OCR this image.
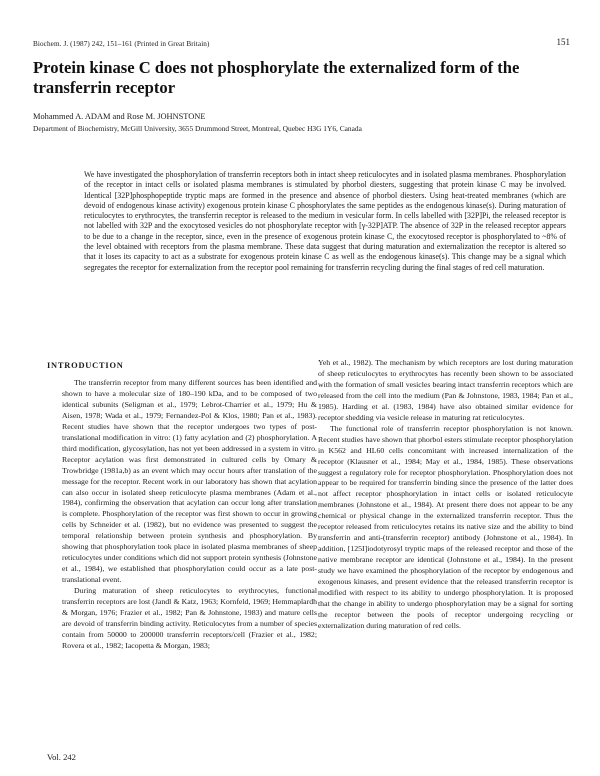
Biochem. J. (1987) 242, 151–161 (Printed in Great Britain)	151
Protein kinase C does not phosphorylate the externalized form of the transferrin receptor
Mohammed A. ADAM and Rose M. JOHNSTONE
Department of Biochemistry, McGill University, 3655 Drummond Street, Montreal, Quebec H3G 1Y6, Canada
We have investigated the phosphorylation of transferrin receptors both in intact sheep reticulocytes and in isolated plasma membranes. Phosphorylation of the receptor in intact cells or isolated plasma membranes is stimulated by phorbol diesters, suggesting that protein kinase C may be involved. Identical [32P]phosphopeptide tryptic maps are formed in the presence and absence of phorbol diesters. Using heat-treated membranes (which are devoid of endogenous kinase activity) exogenous protein kinase C phosphorylates the same peptides as the endogenous kinase(s). During maturation of reticulocytes to erythrocytes, the transferrin receptor is released to the medium in vesicular form. In cells labelled with [32P]Pi, the released receptor is not labelled with 32P and the exocytosed vesicles do not phosphorylate receptor with [γ-32P]ATP. The absence of 32P in the released receptor appears to be due to a change in the receptor, since, even in the presence of exogenous protein kinase C, the exocytosed receptor is phosphorylated to ~8% of the level obtained with receptors from the plasma membrane. These data suggest that during maturation and externalization the receptor is altered so that it loses its capacity to act as a substrate for exogenous protein kinase C as well as the endogenous kinase(s). This change may be a signal which segregates the receptor for externalization from the receptor pool remaining for transferrin recycling during the final stages of red cell maturation.
INTRODUCTION

The transferrin receptor from many different sources has been identified and shown to have a molecular size of 180–190 kDa, and to be composed of two identical subunits (Seligman et al., 1979; Lebrot-Charrier et al., 1979; Hu & Aisen, 1978; Wada et al., 1979; Fernandez-Pol & Klos, 1980; Pan et al., 1983). Recent studies have shown that the receptor undergoes two types of post-translational modification in vitro: (1) fatty acylation and (2) phosphorylation. A third modification, glycosylation, has not yet been addressed in a system in vitro. Receptor acylation was first demonstrated in cultured cells by Omary & Trowbridge (1981a,b) as an event which may occur hours after translation of the message for the receptor. Recent work in our laboratory has shown that acylation can also occur in isolated sheep reticulocyte plasma membranes (Adam et al., 1984), confirming the observation that acylation can occur long after translation is complete. Phosphorylation of the receptor was first shown to occur in growing cells by Schneider et al. (1982), but no evidence was presented to suggest the temporal relationship between protein synthesis and phosphorylation. By showing that phosphorylation took place in isolated plasma membranes of sheep reticulocytes under conditions which did not support protein synthesis (Johnstone et al., 1984), we established that phosphorylation could occur as a late post-translational event.

During maturation of sheep reticulocytes to erythrocytes, functional transferrin receptors are lost (Jandl & Katz, 1963; Kornfeld, 1969; Hemmaplardh & Morgan, 1976; Frazier et al., 1982; Pan & Johnstone, 1983) and mature cells are devoid of transferrin binding activity. Reticulocytes from a number of species contain from 50000 to 200000 transferrin receptors/cell (Frazier et al., 1982; Rovera et al., 1982; Iacopetta & Morgan, 1983;

Yeh et al., 1982). The mechanism by which receptors are lost during maturation of sheep reticulocytes to erythrocytes has recently been shown to be associated with the formation of small vesicles bearing intact transferrin receptors which are released from the cell into the medium (Pan & Johnstone, 1983, 1984; Pan et al., 1985). Harding et al. (1983, 1984) have also obtained similar evidence for receptor shedding via vesicle release in maturing rat reticulocytes.

The functional role of transferrin receptor phosphorylation is not known. Recent studies have shown that phorbol esters stimulate receptor phosphorylation in K562 and HL60 cells concomitant with increased internalization of the receptor (Klausner et al., 1984; May et al., 1984, 1985). These observations suggest a regulatory role for receptor phosphorylation. Phosphorylation does not appear to be required for transferrin binding since the presence of the latter does not affect receptor phosphorylation in intact cells or isolated reticulocyte membranes (Johnstone et al., 1984). At present there does not appear to be any chemical or physical change in the externalized transferrin receptor. Thus the receptor released from reticulocytes retains its native size and the ability to bind transferrin and anti-(transferrin receptor) antibody (Johnstone et al., 1984). In addition, [125I]iodotyrosyl tryptic maps of the released receptor and those of the native membrane receptor are identical (Johnstone et al., 1984). In the present study we have examined the phosphorylation of the receptor by endogenous and exogenous kinases, and present evidence that the released transferrin receptor is modified with respect to its ability to undergo phosphorylation. It is proposed that the change in ability to undergo phosphorylation may be a signal for sorting the receptor between the pools of receptor undergoing recycling or externalization during maturation of red cells.

Vol. 242
